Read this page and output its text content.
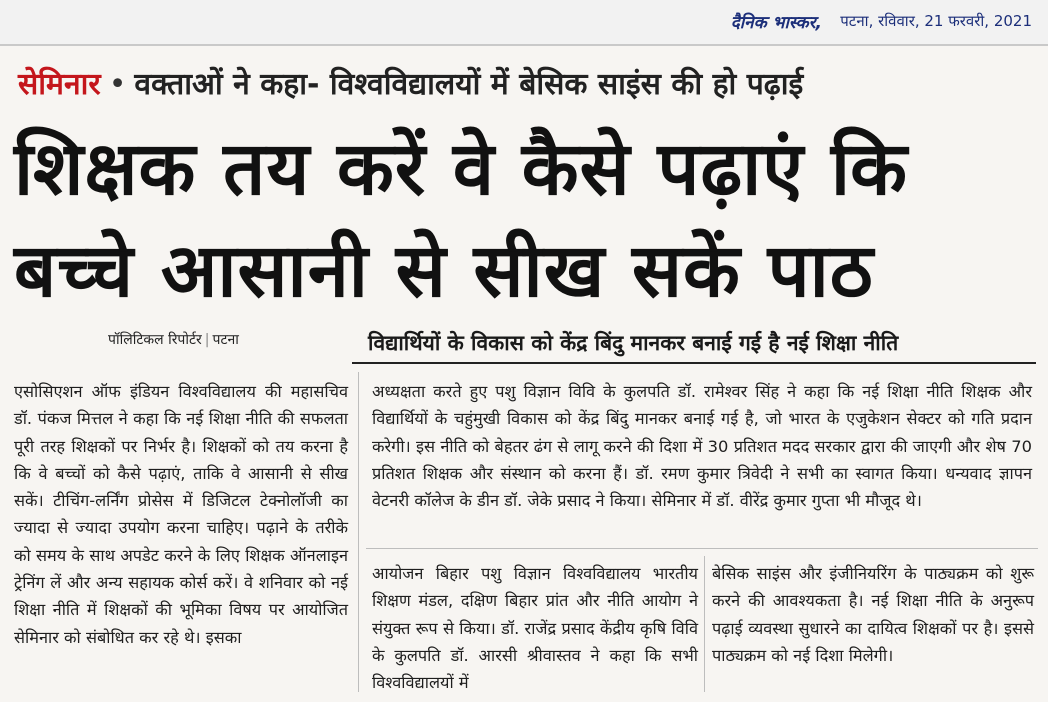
दैनिक भास्कर, पटना, रविवार, 21 फरवरी, 2021
सेमिनार • वक्ताओं ने कहा- विश्वविद्यालयों में बेसिक साइंस की हो पढ़ाई
शिक्षक तय करें वे कैसे पढ़ाएं कि
बच्चे आसानी से सीख सकें पाठ
पॉलिटिकल रिपोर्टर | पटना	विद्यार्थियों के विकास को केंद्र बिंदु मानकर बनाई गई है नई शिक्षा नीति
एसोसिएशन ऑफ इंडियन विश्वविद्यालय की महासचिव डॉ. पंकज मित्तल ने कहा कि नई शिक्षा नीति की सफलता पूरी तरह शिक्षकों पर निर्भर है। शिक्षकों को तय करना है कि वे बच्चों को कैसे पढ़ाएं, ताकि वे आसानी से सीख सकें। टीचिंग-लर्निंग प्रोसेस में डिजिटल टेक्नोलॉजी का ज्यादा से ज्यादा उपयोग करना चाहिए। पढ़ाने के तरीके को समय के साथ अपडेट करने के लिए शिक्षक ऑनलाइन ट्रेनिंग लें और अन्य सहायक कोर्स करें। वे शनिवार को नई शिक्षा नीति में शिक्षकों की भूमिका विषय पर आयोजित सेमिनार को संबोधित कर रहे थे। इसका
अध्यक्षता करते हुए पशु विज्ञान विवि के कुलपति डॉ. रामेश्वर सिंह ने कहा कि नई शिक्षा नीति शिक्षक और विद्यार्थियों के चहुंमुखी विकास को केंद्र बिंदु मानकर बनाई गई है, जो भारत के एजुकेशन सेक्टर को गति प्रदान करेगी। इस नीति को बेहतर ढंग से लागू करने की दिशा में 30 प्रतिशत मदद सरकार द्वारा की जाएगी और शेष 70 प्रतिशत शिक्षक और संस्थान को करना हैं। डॉ. रमण कुमार त्रिवेदी ने सभी का स्वागत किया। धन्यवाद ज्ञापन वेटनरी कॉलेज के डीन डॉ. जेके प्रसाद ने किया। सेमिनार में डॉ. वीरेंद्र कुमार गुप्ता भी मौजूद थे।
आयोजन बिहार पशु विज्ञान विश्वविद्यालय भारतीय शिक्षण मंडल, दक्षिण बिहार प्रांत और नीति आयोग ने संयुक्त रूप से किया। डॉ. राजेंद्र प्रसाद केंद्रीय कृषि विवि के कुलपति डॉ. आरसी श्रीवास्तव ने कहा कि सभी विश्वविद्यालयों में
बेसिक साइंस और इंजीनियरिंग के पाठ्यक्रम को शुरू करने की आवश्यकता है। नई शिक्षा नीति के अनुरूप पढ़ाई व्यवस्था सुधारने का दायित्व शिक्षकों पर है। इससे पाठ्यक्रम को नई दिशा मिलेगी।
